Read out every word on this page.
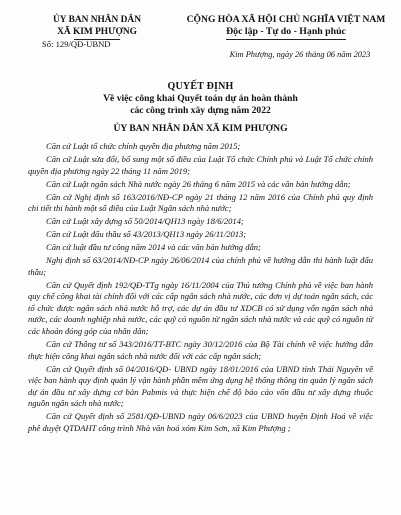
ỦY BAN NHÂN DÂN
XÃ KIM PHƯỢNG
CỘNG HÒA XÃ HỘI CHỦ NGHĨA VIỆT NAM
Độc lập - Tự do - Hạnh phúc
Số: 129/QĐ-UBND
Kim Phượng, ngày 26 tháng 06 năm 2023
QUYẾT ĐỊNH
Về việc công khai Quyết toán dự án hoàn thành
các công trình xây dựng năm 2022
ỦY BAN NHÂN DÂN XÃ KIM PHƯỢNG

Căn cứ Luật tổ chức chính quyền địa phương năm 2015;

Căn cứ Luật sửa đổi, bổ sung một số điều của Luật Tổ chức Chính phủ và Luật Tổ chức chính quyền địa phương ngày 22 tháng 11 năm 2019;

Căn cứ Luật ngân sách Nhà nước ngày 26 tháng 6 năm 2015 và các văn bản hướng dẫn;

Căn cứ Nghị định số 163/2016/NĐ-CP ngày 21 tháng 12 năm 2016 của Chính phủ quy định chi tiết thi hành một số điều của Luật Ngân sách nhà nước;

Căn cứ Luật xây dựng số 50/2014/QH13 ngày 18/6/2014;

Căn cứ Luật đấu thầu số 43/2013/QH13 ngày 26/11/2013;

Căn cứ luật đầu tư công năm 2014 và các văn bản hướng dẫn;

Nghị định số 63/2014/NĐ-CP ngày 26/06/2014 của chính phủ về hướng dẫn thi hành luật đấu thầu;

Căn cứ Quyết định 192/QĐ-TTg ngày 16/11/2004 của Thủ tướng Chính phủ về việc ban hành quy chế công khai tài chính đối với các cấp ngân sách nhà nước, các đơn vị dự toán ngân sách, các tổ chức được ngân sách nhà nước hỗ trợ, các dự án đầu tư XDCB có sử dụng vốn ngân sách nhà nước, các doanh nghiệp nhà nước, các quỹ có nguồn từ ngân sách nhà nước và các quỹ có nguồn từ các khoản đóng góp của nhân dân;

Căn cứ Thông tư số 343/2016/TT-BTC ngày 30/12/2016 của Bộ Tài chính về việc hướng dẫn thực hiện công khai ngân sách nhà nước đối với các cấp ngân sách;

Căn cứ Quyết định số 04/2016/QĐ- UBND ngày 18/01/2016 của UBND tỉnh Thái Nguyên về việc ban hành quy định quản lý vận hành phần mềm ứng dụng hệ thống thông tin quản lý ngân sách dự án đầu tư xây dựng cơ bản Pabmis và thực hiện chế độ báo cáo vốn đầu tư xây dựng thuộc nguồn ngân sách nhà nước;

Căn cứ Quyết định số 2581/QĐ-UBND ngày 06/6/2023 của UBND huyện Định Hoá về việc phê duyệt QTDAHT công trình Nhà văn hoá xóm Kim Sơn, xã Kim Phượng ;
